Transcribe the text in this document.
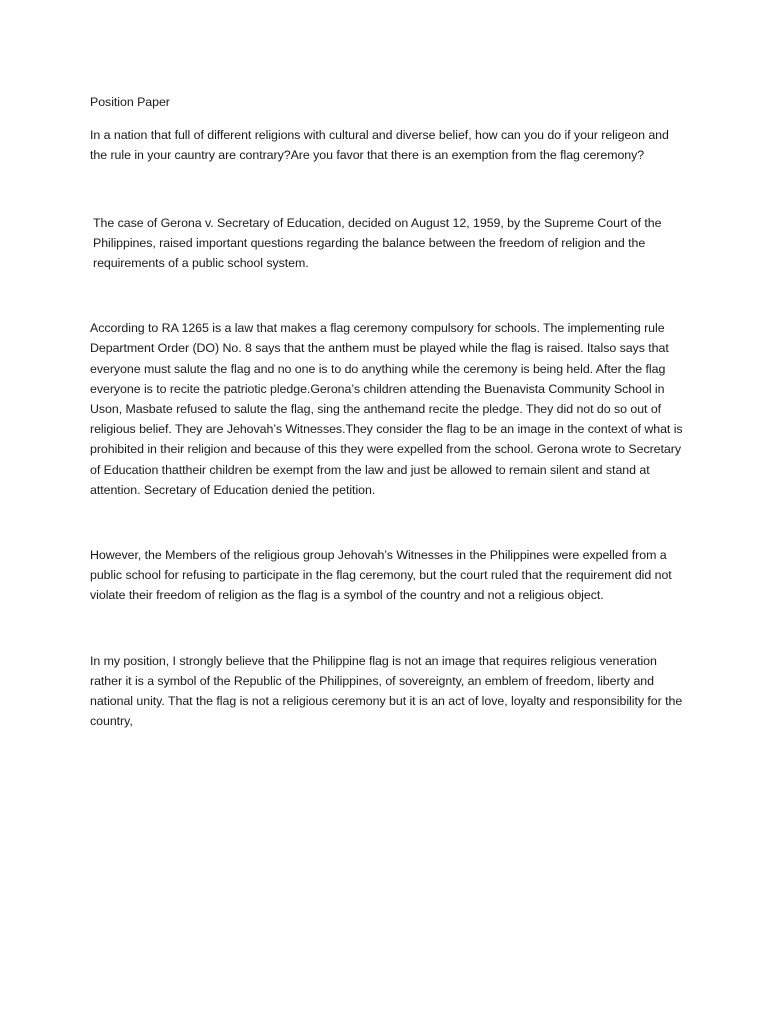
Position Paper

In a nation that full of different religions with cultural and diverse belief, how can you do if your religeon and the rule in your cauntry are contrary?Are you favor that there is an exemption from the flag ceremony?

The case of Gerona v. Secretary of Education, decided on August 12, 1959, by the Supreme Court of the Philippines, raised important questions regarding the balance between the freedom of religion and the requirements of a public school system.

According to RA 1265 is a law that makes a flag ceremony compulsory for schools. The implementing rule Department Order (DO) No. 8 says that the anthem must be played while the flag is raised. Italso says that everyone must salute the flag and no one is to do anything while the ceremony is being held. After the flag everyone is to recite the patriotic pledge.Gerona’s children attending the Buenavista Community School in Uson, Masbate refused to salute the flag, sing the anthemand recite the pledge. They did not do so out of religious belief. They are Jehovah’s Witnesses.They consider the flag to be an image in the context of what is prohibited in their religion and because of this they were expelled from the school. Gerona wrote to Secretary of Education thattheir children be exempt from the law and just be allowed to remain silent and stand at attention. Secretary of Education denied the petition.

However, the Members of the religious group Jehovah’s Witnesses in the Philippines were expelled from a public school for refusing to participate in the flag ceremony, but the court ruled that the requirement did not violate their freedom of religion as the flag is a symbol of the country and not a religious object.

In my position, I strongly believe that the Philippine flag is not an image that requires religious veneration rather it is a symbol of the Republic of the Philippines, of sovereignty, an emblem of freedom, liberty and national unity. That the flag is not a religious ceremony but it is an act of love, loyalty and responsibility for the country,
